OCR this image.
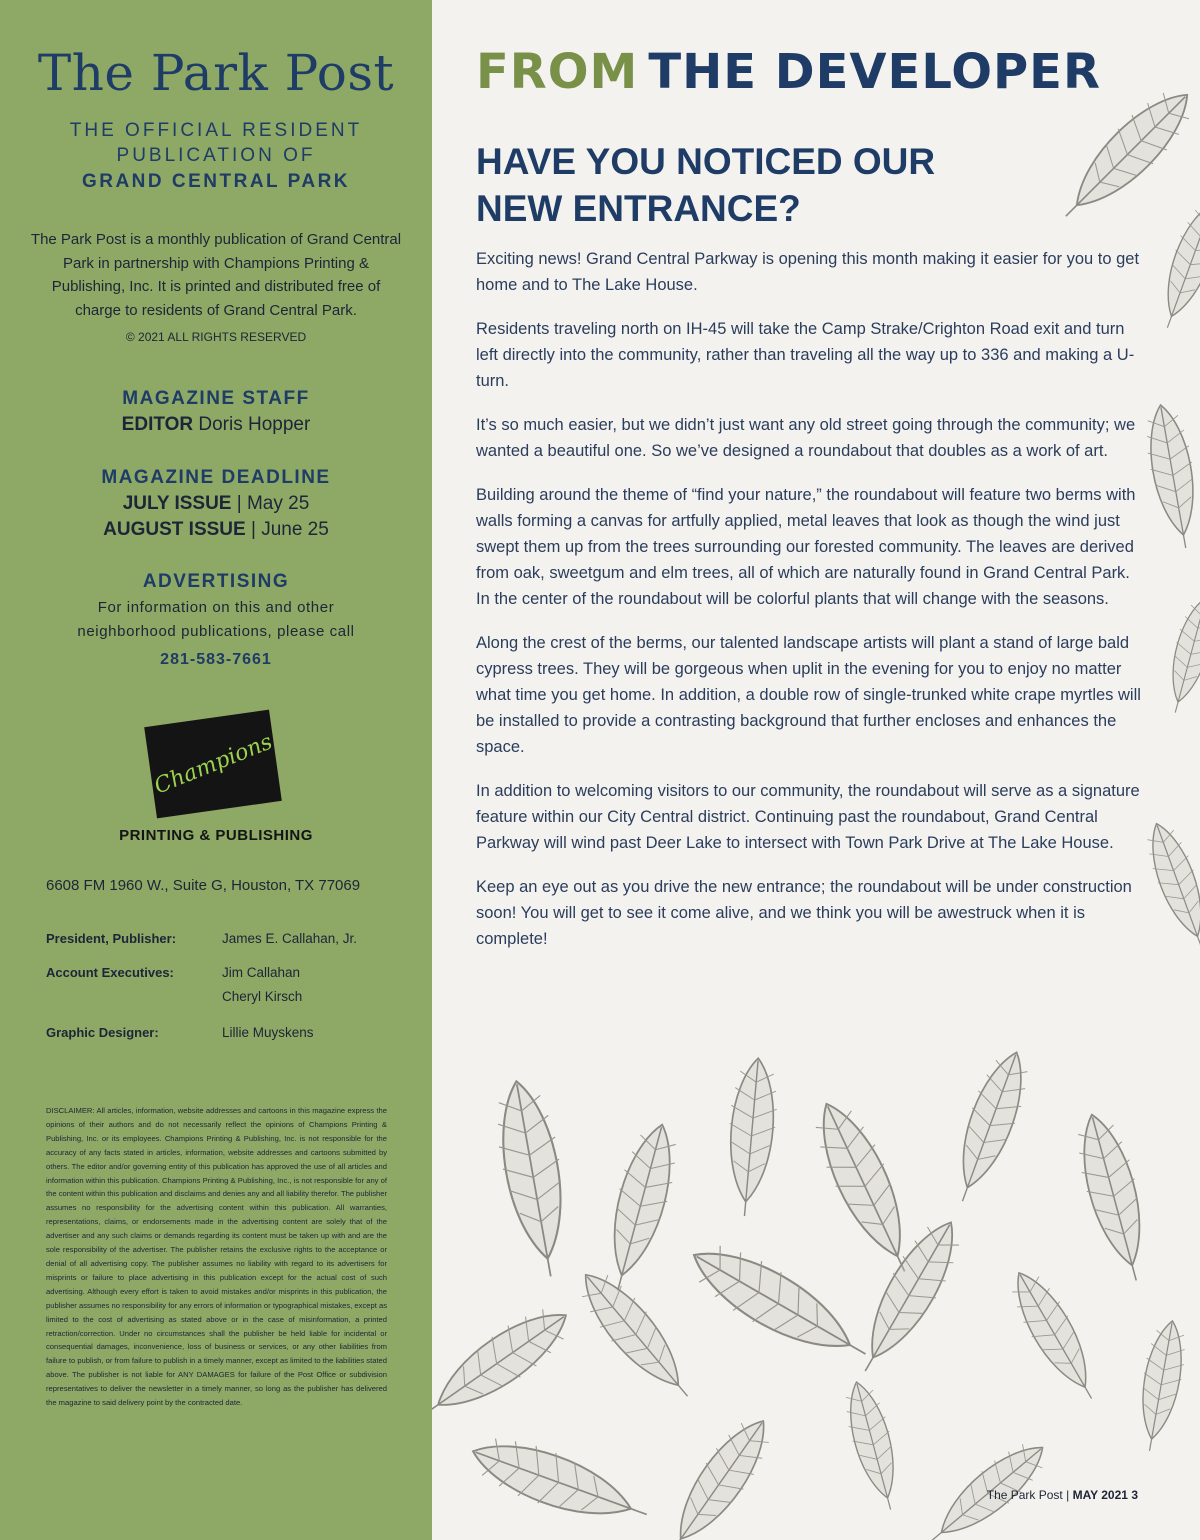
The Park Post
THE OFFICIAL RESIDENT
PUBLICATION OF
GRAND CENTRAL PARK
The Park Post is a monthly publication of Grand Central Park in partnership with Champions Printing & Publishing, Inc. It is printed and distributed free of charge to residents of Grand Central Park.
© 2021 ALL RIGHTS RESERVED
MAGAZINE STAFF
EDITOR Doris Hopper
MAGAZINE DEADLINE
JULY ISSUE | May 25
AUGUST ISSUE | June 25
ADVERTISING
For information on this and other
neighborhood publications, please call
281-583-7661
Champions
PRINTING & PUBLISHING
6608 FM 1960 W., Suite G, Houston, TX 77069
President, Publisher:	James E. Callahan, Jr.
Account Executives:	Jim Callahan
Cheryl Kirsch
Graphic Designer:	Lillie Muyskens
DISCLAIMER: All articles, information, website addresses and cartoons in this magazine express the opinions of their authors and do not necessarily reflect the opinions of Champions Printing & Publishing, Inc. or its employees. Champions Printing & Publishing, Inc. is not responsible for the accuracy of any facts stated in articles, information, website addresses and cartoons submitted by others. The editor and/or governing entity of this publication has approved the use of all articles and information within this publication. Champions Printing & Publishing, Inc., is not responsible for any of the content within this publication and disclaims and denies any and all liability therefor. The publisher assumes no responsibility for the advertising content within this publication. All warranties, representations, claims, or endorsements made in the advertising content are solely that of the advertiser and any such claims or demands regarding its content must be taken up with and are the sole responsibility of the advertiser. The publisher retains the exclusive rights to the acceptance or denial of all advertising copy. The publisher assumes no liability with regard to its advertisers for misprints or failure to place advertising in this publication except for the actual cost of such advertising. Although every effort is taken to avoid mistakes and/or misprints in this publication, the publisher assumes no responsibility for any errors of information or typographical mistakes, except as limited to the cost of advertising as stated above or in the case of misinformation, a printed retraction/correction. Under no circumstances shall the publisher be held liable for incidental or consequential damages, inconvenience, loss of business or services, or any other liabilities from failure to publish, or from failure to publish in a timely manner, except as limited to the liabilities stated above. The publisher is not liable for ANY DAMAGES for failure of the Post Office or subdivision representatives to deliver the newsletter in a timely manner, so long as the publisher has delivered the magazine to said delivery point by the contracted date.
FROM THE DEVELOPER
HAVE YOU NOTICED OUR
NEW ENTRANCE?

Exciting news! Grand Central Parkway is opening this month making it easier for you to get home and to The Lake House.

Residents traveling north on IH-45 will take the Camp Strake/Crighton Road exit and turn left directly into the community, rather than traveling all the way up to 336 and making a U-turn.

It’s so much easier, but we didn’t just want any old street going through the community; we wanted a beautiful one. So we’ve designed a roundabout that doubles as a work of art.

Building around the theme of “find your nature,” the roundabout will feature two berms with walls forming a canvas for artfully applied, metal leaves that look as though the wind just swept them up from the trees surrounding our forested community. The leaves are derived from oak, sweetgum and elm trees, all of which are naturally found in Grand Central Park. In the center of the roundabout will be colorful plants that will change with the seasons.

Along the crest of the berms, our talented landscape artists will plant a stand of large bald cypress trees. They will be gorgeous when uplit in the evening for you to enjoy no matter what time you get home. In addition, a double row of single-trunked white crape myrtles will be installed to provide a contrasting background that further encloses and enhances the space.

In addition to welcoming visitors to our community, the roundabout will serve as a signature feature within our City Central district. Continuing past the roundabout, Grand Central Parkway will wind past Deer Lake to intersect with Town Park Drive at The Lake House.

Keep an eye out as you drive the new entrance; the roundabout will be under construction soon! You will get to see it come alive, and we think you will be awestruck when it is complete!

The Park Post | MAY 2021 3
